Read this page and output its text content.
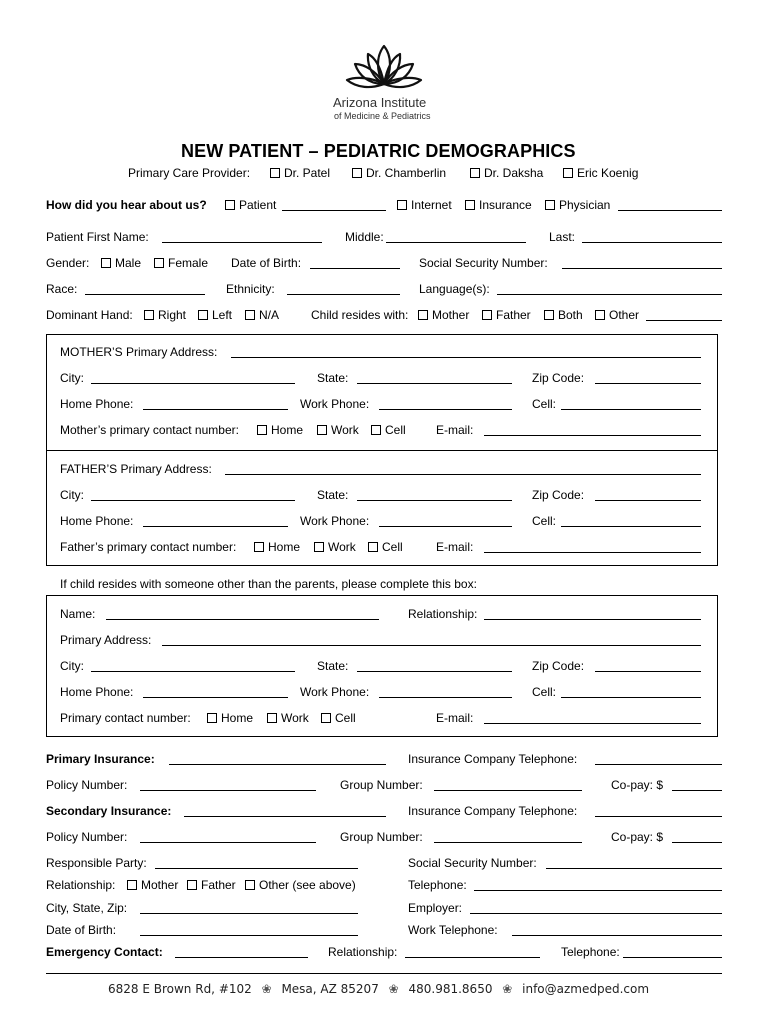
Arizona Institute
of Medicine & Pediatrics
NEW PATIENT – PEDIATRIC DEMOGRAPHICS
Primary Care Provider:	Dr. Patel	Dr. Chamberlin	Dr. Daksha	Eric Koenig
How did you hear about us?	Patient	Internet	Insurance	Physician
Patient First Name:	Middle:	Last:
Gender:	Male	Female Date of Birth:	Social Security Number:
Race:	Ethnicity:	Language(s):
Dominant Hand:	Right	Left	N/A	Child resides with:	Mother	Father	Both	Other
MOTHER’S Primary Address:
City:	State:	Zip Code:
Home Phone:	Work Phone:	Cell:
Mother’s primary contact number:	Home	Work	Cell	E-mail:
FATHER’S Primary Address:
City:	State:	Zip Code:
Home Phone:	Work Phone:	Cell:
Father’s primary contact number:	Home	Work	Cell	E-mail:
If child resides with someone other than the parents, please complete this box:
Name:	Relationship:
Primary Address:
City:	State:	Zip Code:
Home Phone:	Work Phone:	Cell:
Primary contact number:	Home	Work	Cell	E-mail:
Primary Insurance:	Insurance Company Telephone:
Policy Number:	Group Number:	Co-pay: $
Secondary Insurance:	Insurance Company Telephone:
Policy Number:	Group Number:	Co-pay: $
Responsible Party:	Social Security Number:
Relationship:	Mother	Father	Other (see above)	Telephone:
City, State, Zip:	Employer:
Date of Birth:	Work Telephone:
Emergency Contact:	Relationship:	Telephone:
6828 E Brown Rd, #102 ❀ Mesa, AZ 85207 ❀ 480.981.8650 ❀ info@azmedped.com
